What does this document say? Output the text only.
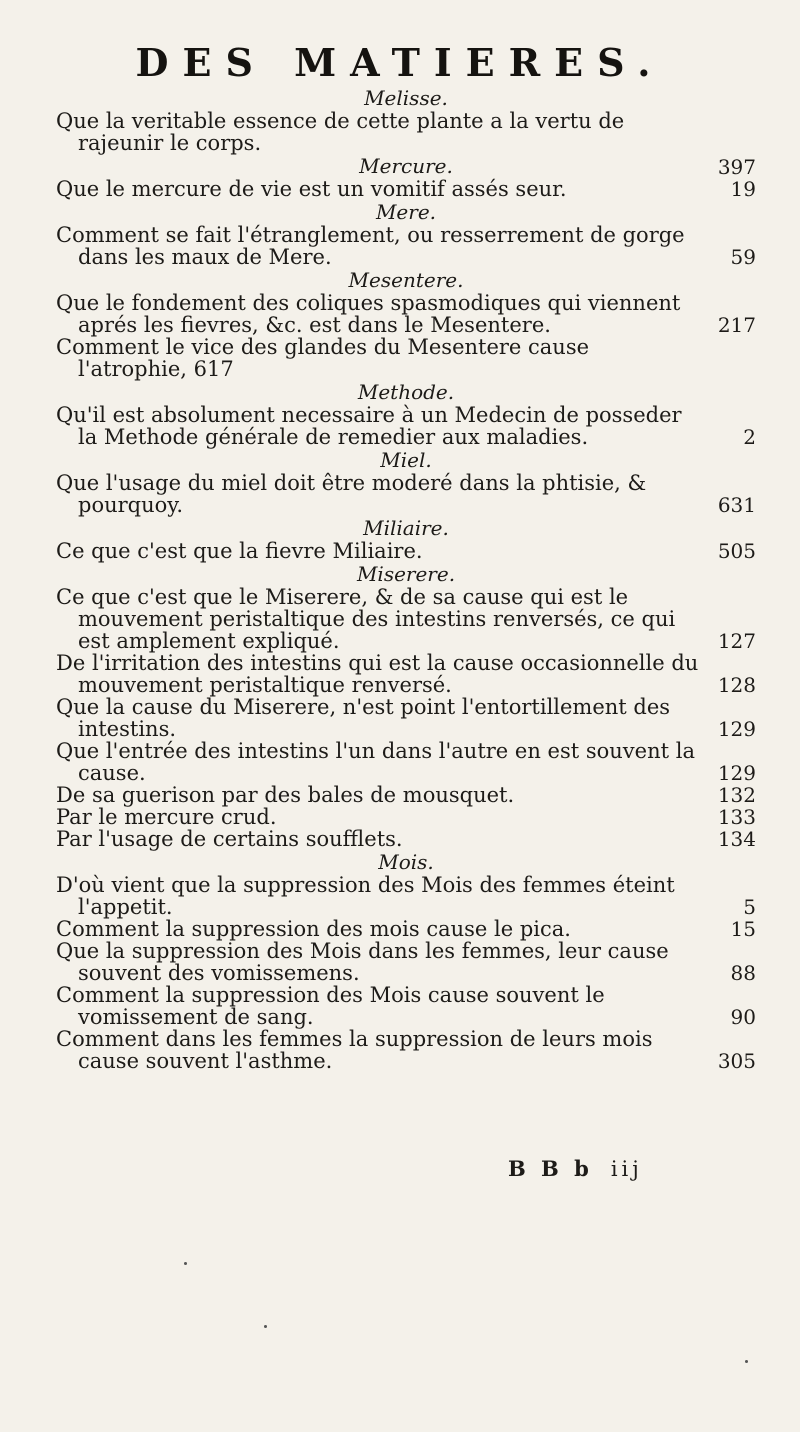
DES MATIERES.
Melisse.
Que la veritable essence de cette plante a la vertu de rajeunir le corps.
Mercure.	397
Que le mercure de vie est un vomitif assés seur.	19
Mere.
Comment se fait l'étranglement, ou resserrement de gorge dans les maux de Mere.	59
Mesentere.
Que le fondement des coliques spasmodiques qui viennent aprés les fievres, &c. est dans le Mesentere.	217
Comment le vice des glandes du Mesentere cause l'atrophie, 617
Methode.
Qu'il est absolument necessaire à un Medecin de posseder la Methode générale de remedier aux maladies.	2
Miel.
Que l'usage du miel doit être moderé dans la phtisie, & pourquoy.	631
Miliaire.
Ce que c'est que la fievre Miliaire.	505
Miserere.
Ce que c'est que le Miserere, & de sa cause qui est le mouvement peristaltique des intestins renversés, ce qui est amplement expliqué.	127
De l'irritation des intestins qui est la cause occasionnelle du mouvement peristaltique renversé.	128
Que la cause du Miserere, n'est point l'entortillement des intestins.	129
Que l'entrée des intestins l'un dans l'autre en est souvent la cause.	129
De sa guerison par des bales de mousquet.	132
Par le mercure crud.	133
Par l'usage de certains soufflets.	134
Mois.
D'où vient que la suppression des Mois des femmes éteint l'appetit.	5
Comment la suppression des mois cause le pica.	15
Que la suppression des Mois dans les femmes, leur cause souvent des vomissemens.	88
Comment la suppression des Mois cause souvent le vomissement de sang.	90
Comment dans les femmes la suppression de leurs mois cause souvent l'asthme.	305
B B b iij
